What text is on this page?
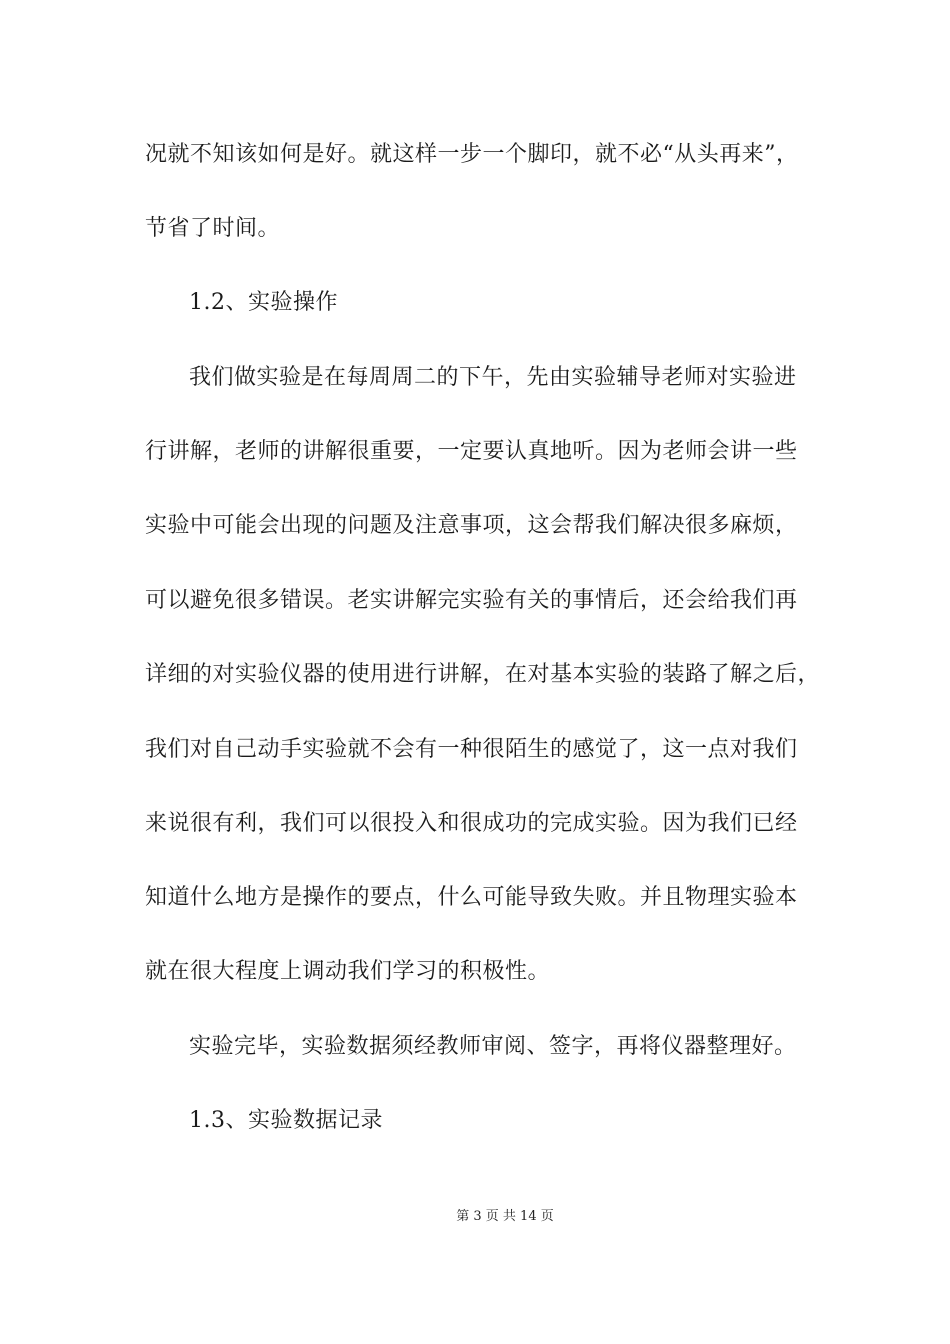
况就不知该如何是好。就这样一步一个脚印，就不必“从头再来”，
节省了时间。
1.2、实验操作
我们做实验是在每周周二的下午，先由实验辅导老师对实验进
行讲解，老师的讲解很重要，一定要认真地听。因为老师会讲一些
实验中可能会出现的问题及注意事项，这会帮我们解决很多麻烦，
可以避免很多错误。老实讲解完实验有关的事情后，还会给我们再
详细的对实验仪器的使用进行讲解，在对基本实验的装路了解之后，
我们对自己动手实验就不会有一种很陌生的感觉了，这一点对我们
来说很有利，我们可以很投入和很成功的完成实验。因为我们已经
知道什么地方是操作的要点，什么可能导致失败。并且物理实验本
就在很大程度上调动我们学习的积极性。
实验完毕，实验数据须经教师审阅、签字，再将仪器整理好。
1.3、实验数据记录
第 3 页 共 14 页
